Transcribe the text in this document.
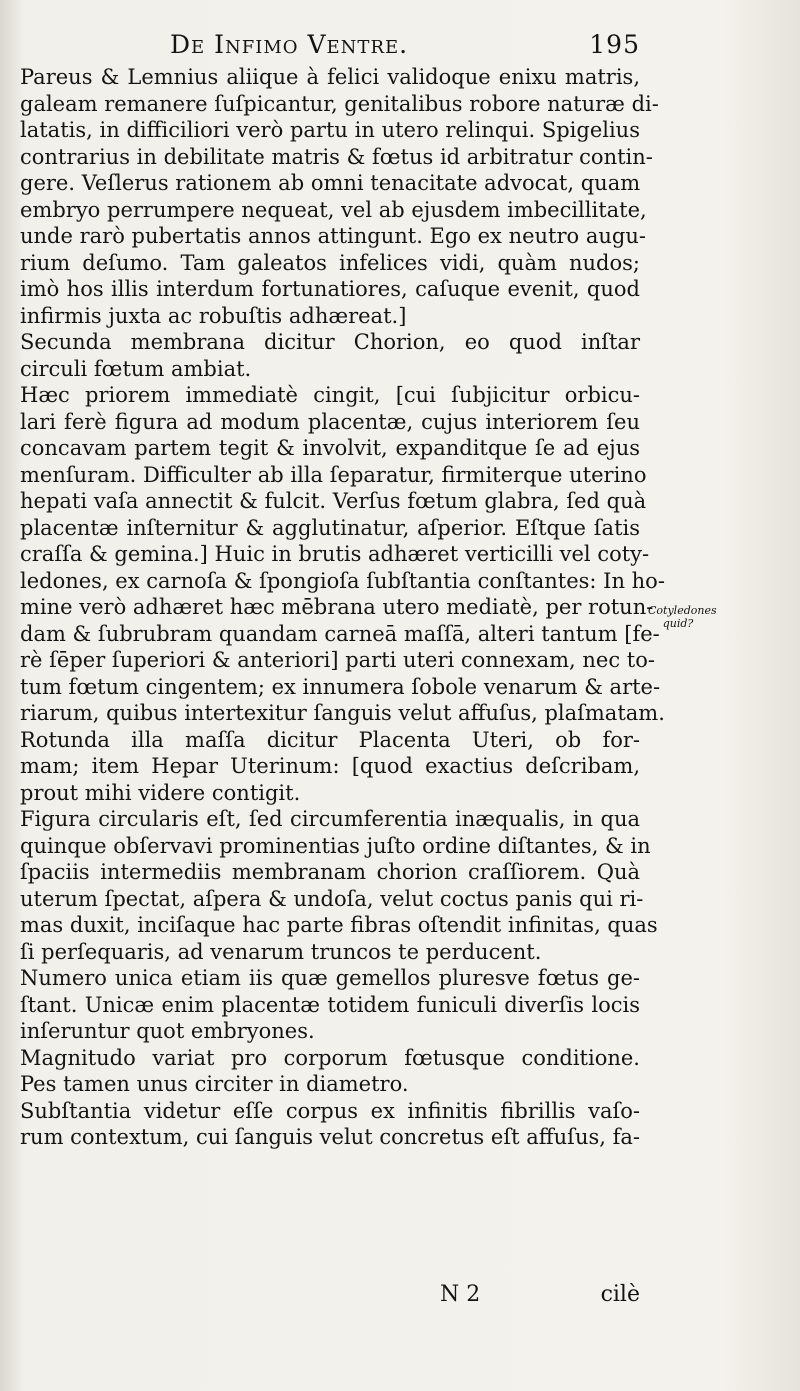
De Infimo Ventre.	195
Pareus & Lemnius aliique à felici validoque enixu matris,
galeam remanere ſuſpicantur, genitalibus robore naturæ di-
latatis, in difficiliori verò partu in utero relinqui. Spigelius
contrarius in debilitate matris & fœtus id arbitratur contin-
gere. Veſlerus rationem ab omni tenacitate advocat, quam
embryo perrumpere nequeat, vel ab ejusdem imbecillitate,
unde rarò pubertatis annos attingunt. Ego ex neutro augu-
rium deſumo. Tam galeatos infelices vidi, quàm nudos;
imò hos illis interdum fortunatiores, caſuque evenit, quod
infirmis juxta ac robuſtis adhæreat.]
Secunda membrana dicitur Chorion, eo quod inſtar
circuli fœtum ambiat.
Hæc priorem immediatè cingit, [cui ſubjicitur orbicu-
lari ferè figura ad modum placentæ, cujus interiorem ſeu
concavam partem tegit & involvit, expanditque ſe ad ejus
menſuram. Difficulter ab illa ſeparatur, firmiterque uterino
hepati vaſa annectit & fulcit. Verſus fœtum glabra, ſed quà
placentæ inſternitur & agglutinatur, aſperior. Eſtque ſatis
craſſa & gemina.] Huic in brutis adhæret verticilli vel coty-
ledones, ex carnoſa & ſpongioſa ſubſtantia conſtantes: In ho-
mine verò adhæret hæc mēbrana utero mediatè, per rotun-
dam & ſubrubram quandam carneā maſſā, alteri tantum [fe-
rè ſēper ſuperiori & anteriori] parti uteri connexam, nec to-
tum fœtum cingentem; ex innumera ſobole venarum & arte-
riarum, quibus intertexitur ſanguis velut affuſus, plaſmatam.
Rotunda illa maſſa dicitur Placenta Uteri, ob for-
mam; item Hepar Uterinum: [quod exactius deſcribam,
prout mihi videre contigit.
Figura circularis eſt, ſed circumferentia inæqualis, in qua
quinque obſervavi prominentias juſto ordine diſtantes, & in
ſpaciis intermediis membranam chorion craſſiorem. Quà
uterum ſpectat, aſpera & undoſa, velut coctus panis qui ri-
mas duxit, inciſaque hac parte fibras oſtendit infinitas, quas
ſi perſequaris, ad venarum truncos te perducent.
Numero unica etiam iis quæ gemellos pluresve fœtus ge-
ſtant. Unicæ enim placentæ totidem funiculi diverſis locis
inſeruntur quot embryones.
Magnitudo variat pro corporum fœtusque conditione.
Pes tamen unus circiter in diametro.
Subſtantia videtur eſſe corpus ex infinitis fibrillis vaſo-
rum contextum, cui ſanguis velut concretus eſt affuſus, fa-
Cotyledones quid?
N 2	cilè
